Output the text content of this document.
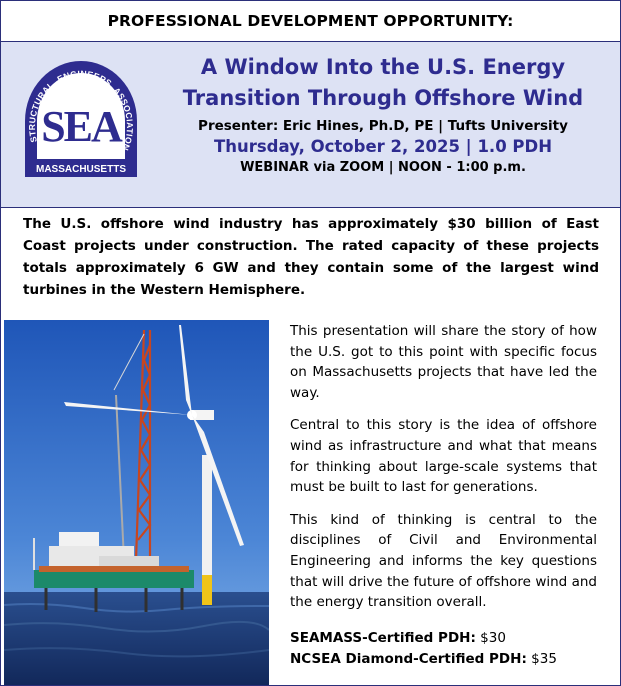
PROFESSIONAL DEVELOPMENT OPPORTUNITY:
STRUCTURAL ENGINEERS ASSOCIATION
SEA
MASSACHUSETTS
A Window Into the U.S. Energy
Transition Through Offshore Wind
Presenter: Eric Hines, Ph.D, PE | Tufts University
Thursday, October 2, 2025 | 1.0 PDH
WEBINAR via ZOOM | NOON - 1:00 p.m.
The U.S. offshore wind industry has approximately $30 billion of East Coast projects under construction. The rated capacity of these projects totals approximately 6 GW and they contain some of the largest wind turbines in the Western Hemisphere.

This presentation will share the story of how the U.S. got to this point with specific focus on Massachusetts projects that have led the way.

Central to this story is the idea of offshore wind as infrastructure and what that means for thinking about large-scale systems that must be built to last for generations.

This kind of thinking is central to the disciplines of Civil and Environmental Engineering and informs the key questions that will drive the future of offshore wind and the energy transition overall.

SEAMASS-Certified PDH: $30
NCSEA Diamond-Certified PDH: $35
